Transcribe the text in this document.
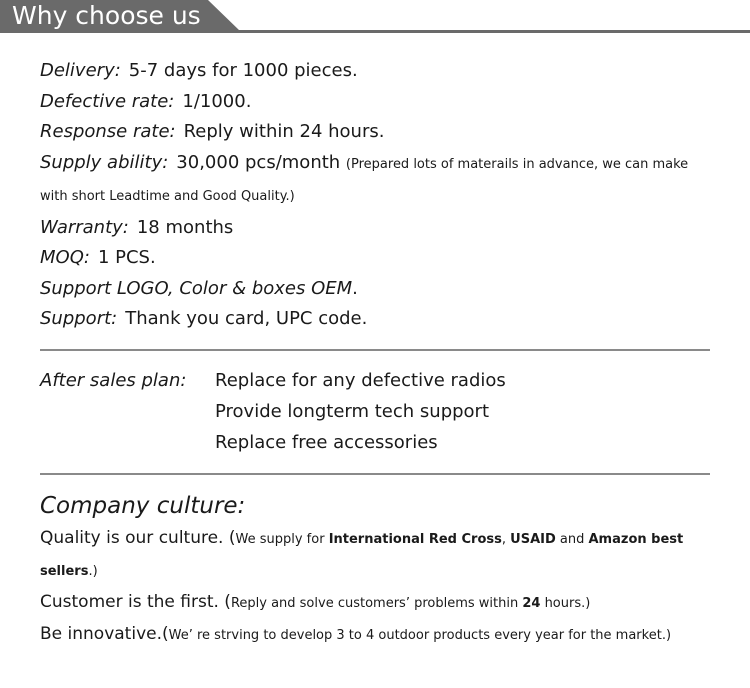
Why choose us
Delivery: 5-7 days for 1000 pieces.
Defective rate: 1/1000.
Response rate: Reply within 24 hours.
Supply ability: 30,000 pcs/month (Prepared lots of materails in advance, we can make with short Leadtime and Good Quality.)
Warranty: 18 months
MOQ: 1 PCS.
Support LOGO, Color & boxes OEM.
Support: Thank you card, UPC code.
After sales plan:	Replace for any defective radios
Provide longterm tech support
Replace free accessories
Company culture:
Quality is our culture. (We supply for International Red Cross, USAID and Amazon best sellers.)
Customer is the first. (Reply and solve customers’ problems within 24 hours.)
Be innovative.(We’ re strving to develop 3 to 4 outdoor products every year for the market.)
